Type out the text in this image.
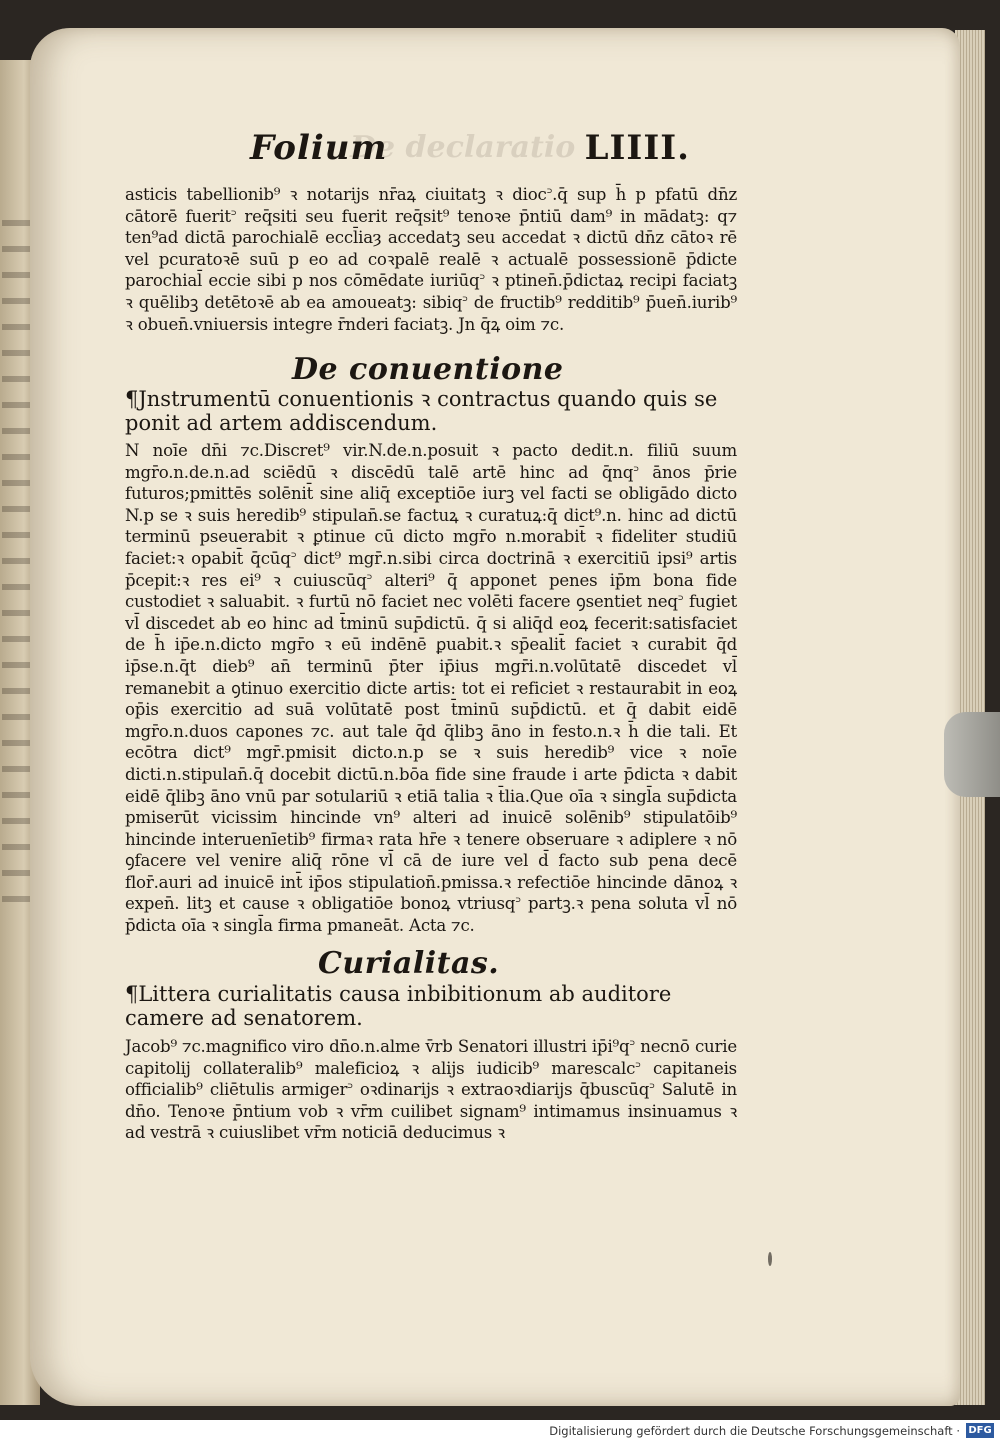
De declaratio
Folium	LIIII.
asticis tabellionib⁹ ꝛ notarijs nr̄aꝝ ciuitatꝫ ꝛ dioc꜄.q̄ sup h̄ p pfatū dn̄z cātorē fuerit꜄ req̄siti seu fuerit req̄sit⁹ tenoꝛe p̄ntiū dam⁹ in mādatꝫ: q⁊ ten⁹ad dictā parochialē eccl̄iaȝ accedatꝫ seu accedat ꝛ dictū dn̄z cātoꝛ rē vel pcuratoꝛē suū p eo ad coꝛpalē realē ꝛ actualē possessionē p̄dicte parochial̄ eccie sibi p nos cōmēdate iuriūq꜄ ꝛ ptinen̄.p̄dictaꝝ recipi faciatꝫ ꝛ quēlibꝫ detētoꝛē ab ea amoueatꝫ: sibiq꜄ de fructib⁹ redditib⁹ p̄uen̄.iurib⁹ ꝛ obuen̄.vniuersis integre r̄nderi faciatꝫ. Jn q̄ꝝ oim ⁊c.
De conuentione
¶Jnstrumentū conuentionis ꝛ contractus quando quis se ponit ad artem addiscendum.
N noīe dn̄i ⁊c.Discret⁹ vir.N.de.n.posuit ꝛ pacto dedit.n. filiū suum mgr̄o.n.de.n.ad sciēdū ꝛ discēdū talē artē hinc ad q̄nq꜄ ānos p̄rie futuros;pmittēs solēnit̄ sine aliq̄ exceptiōe iurꝫ vel facti se obligādo dicto N.p se ꝛ suis heredib⁹ stipulan̄.se factuꝝ ꝛ curatuꝝ:q̄ dict⁹.n. hinc ad dictū terminū pseuerabit ꝛ ꝑtinue cū dicto mgr̄o n.morabit̄ ꝛ fideliter studiū faciet:ꝛ opabit̄ q̄cūq꜄ dict⁹ mgr̄.n.sibi circa doctrinā ꝛ exercitiū ipsi⁹ artis p̄cepit:ꝛ res ei⁹ ꝛ cuiuscūq꜄ alteri⁹ q̄ apponet penes ip̄m bona fide custodiet ꝛ saluabit. ꝛ furtū nō faciet nec volēti facere ꝯsentiet neq꜄ fugiet vl̄ discedet ab eo hinc ad t̄minū sup̄dictū. q̄ si aliq̄d eoꝝ fecerit:satisfaciet de h̄ ip̄e.n.dicto mgr̄o ꝛ eū indēnē ꝑuabit.ꝛ sp̄ealit̄ faciet ꝛ curabit q̄d ip̄se.n.q̄t dieb⁹ an̄ terminū p̄ter ip̄ius mgr̄i.n.volūtatē discedet vl̄ remanebit a ꝯtinuo exercitio dicte artis: tot ei reficiet ꝛ restaurabit in eoꝝ op̄is exercitio ad suā volūtatē post t̄minū sup̄dictū. et q̄ dabit eidē mgr̄o.n.duos capones ⁊c. aut tale q̄d q̄libꝫ āno in festo.n.ꝛ h̄ die tali. Et ecōtra dict⁹ mgr̄.pmisit dicto.n.p se ꝛ suis heredib⁹ vice ꝛ noīe dicti.n.stipulan̄.q̄ docebit dictū.n.bōa fide sine fraude i arte p̄dicta ꝛ dabit eidē q̄libꝫ āno vnū par sotulariū ꝛ etiā talia ꝛ t̄lia.Que oīa ꝛ singl̄a sup̄dicta pmiserūt vicissim hincinde vn⁹ alteri ad inuicē solēnib⁹ stipulatōib⁹ hincinde interuenīetib⁹ firmaꝛ rata hr̄e ꝛ tenere obseruare ꝛ adiplere ꝛ nō ꝯfacere vel venire aliq̄ rōne vl̄ cā de iure vel d̄ facto sub pena decē flor̄.auri ad inuicē int̄ ip̄os stipulation̄.pmissa.ꝛ refectiōe hincinde dānoꝝ ꝛ expen̄. litꝫ et cause ꝛ obligatiōe bonoꝝ vtriusq꜄ partꝫ.ꝛ pena soluta vl̄ nō p̄dicta oīa ꝛ singl̄a firma pmaneāt. Acta ⁊c.
Curialitas.
¶Littera curialitatis causa inbibitionum ab auditore camere ad senatorem.
Jacob⁹ ⁊c.magnifico viro dn̄o.n.alme v̄rb Senatori illustri ip̄i⁹q꜄ necnō curie capitolij collateralib⁹ maleficioꝝ ꝛ alijs iudicib⁹ marescalc꜄ capitaneis officialib⁹ cliētulis armiger꜄ oꝛdinarijs ꝛ extraoꝛdiarijs q̄buscūq꜄ Salutē in dn̄o. Tenoꝛe p̄ntium vob ꝛ vr̄m cuilibet signam⁹ intimamus insinuamus ꝛ ad vestrā ꝛ cuiuslibet vr̄m noticiā deducimus ꝛ
Digitalisierung gefördert durch die Deutsche Forschungsgemeinschaft · DFG
